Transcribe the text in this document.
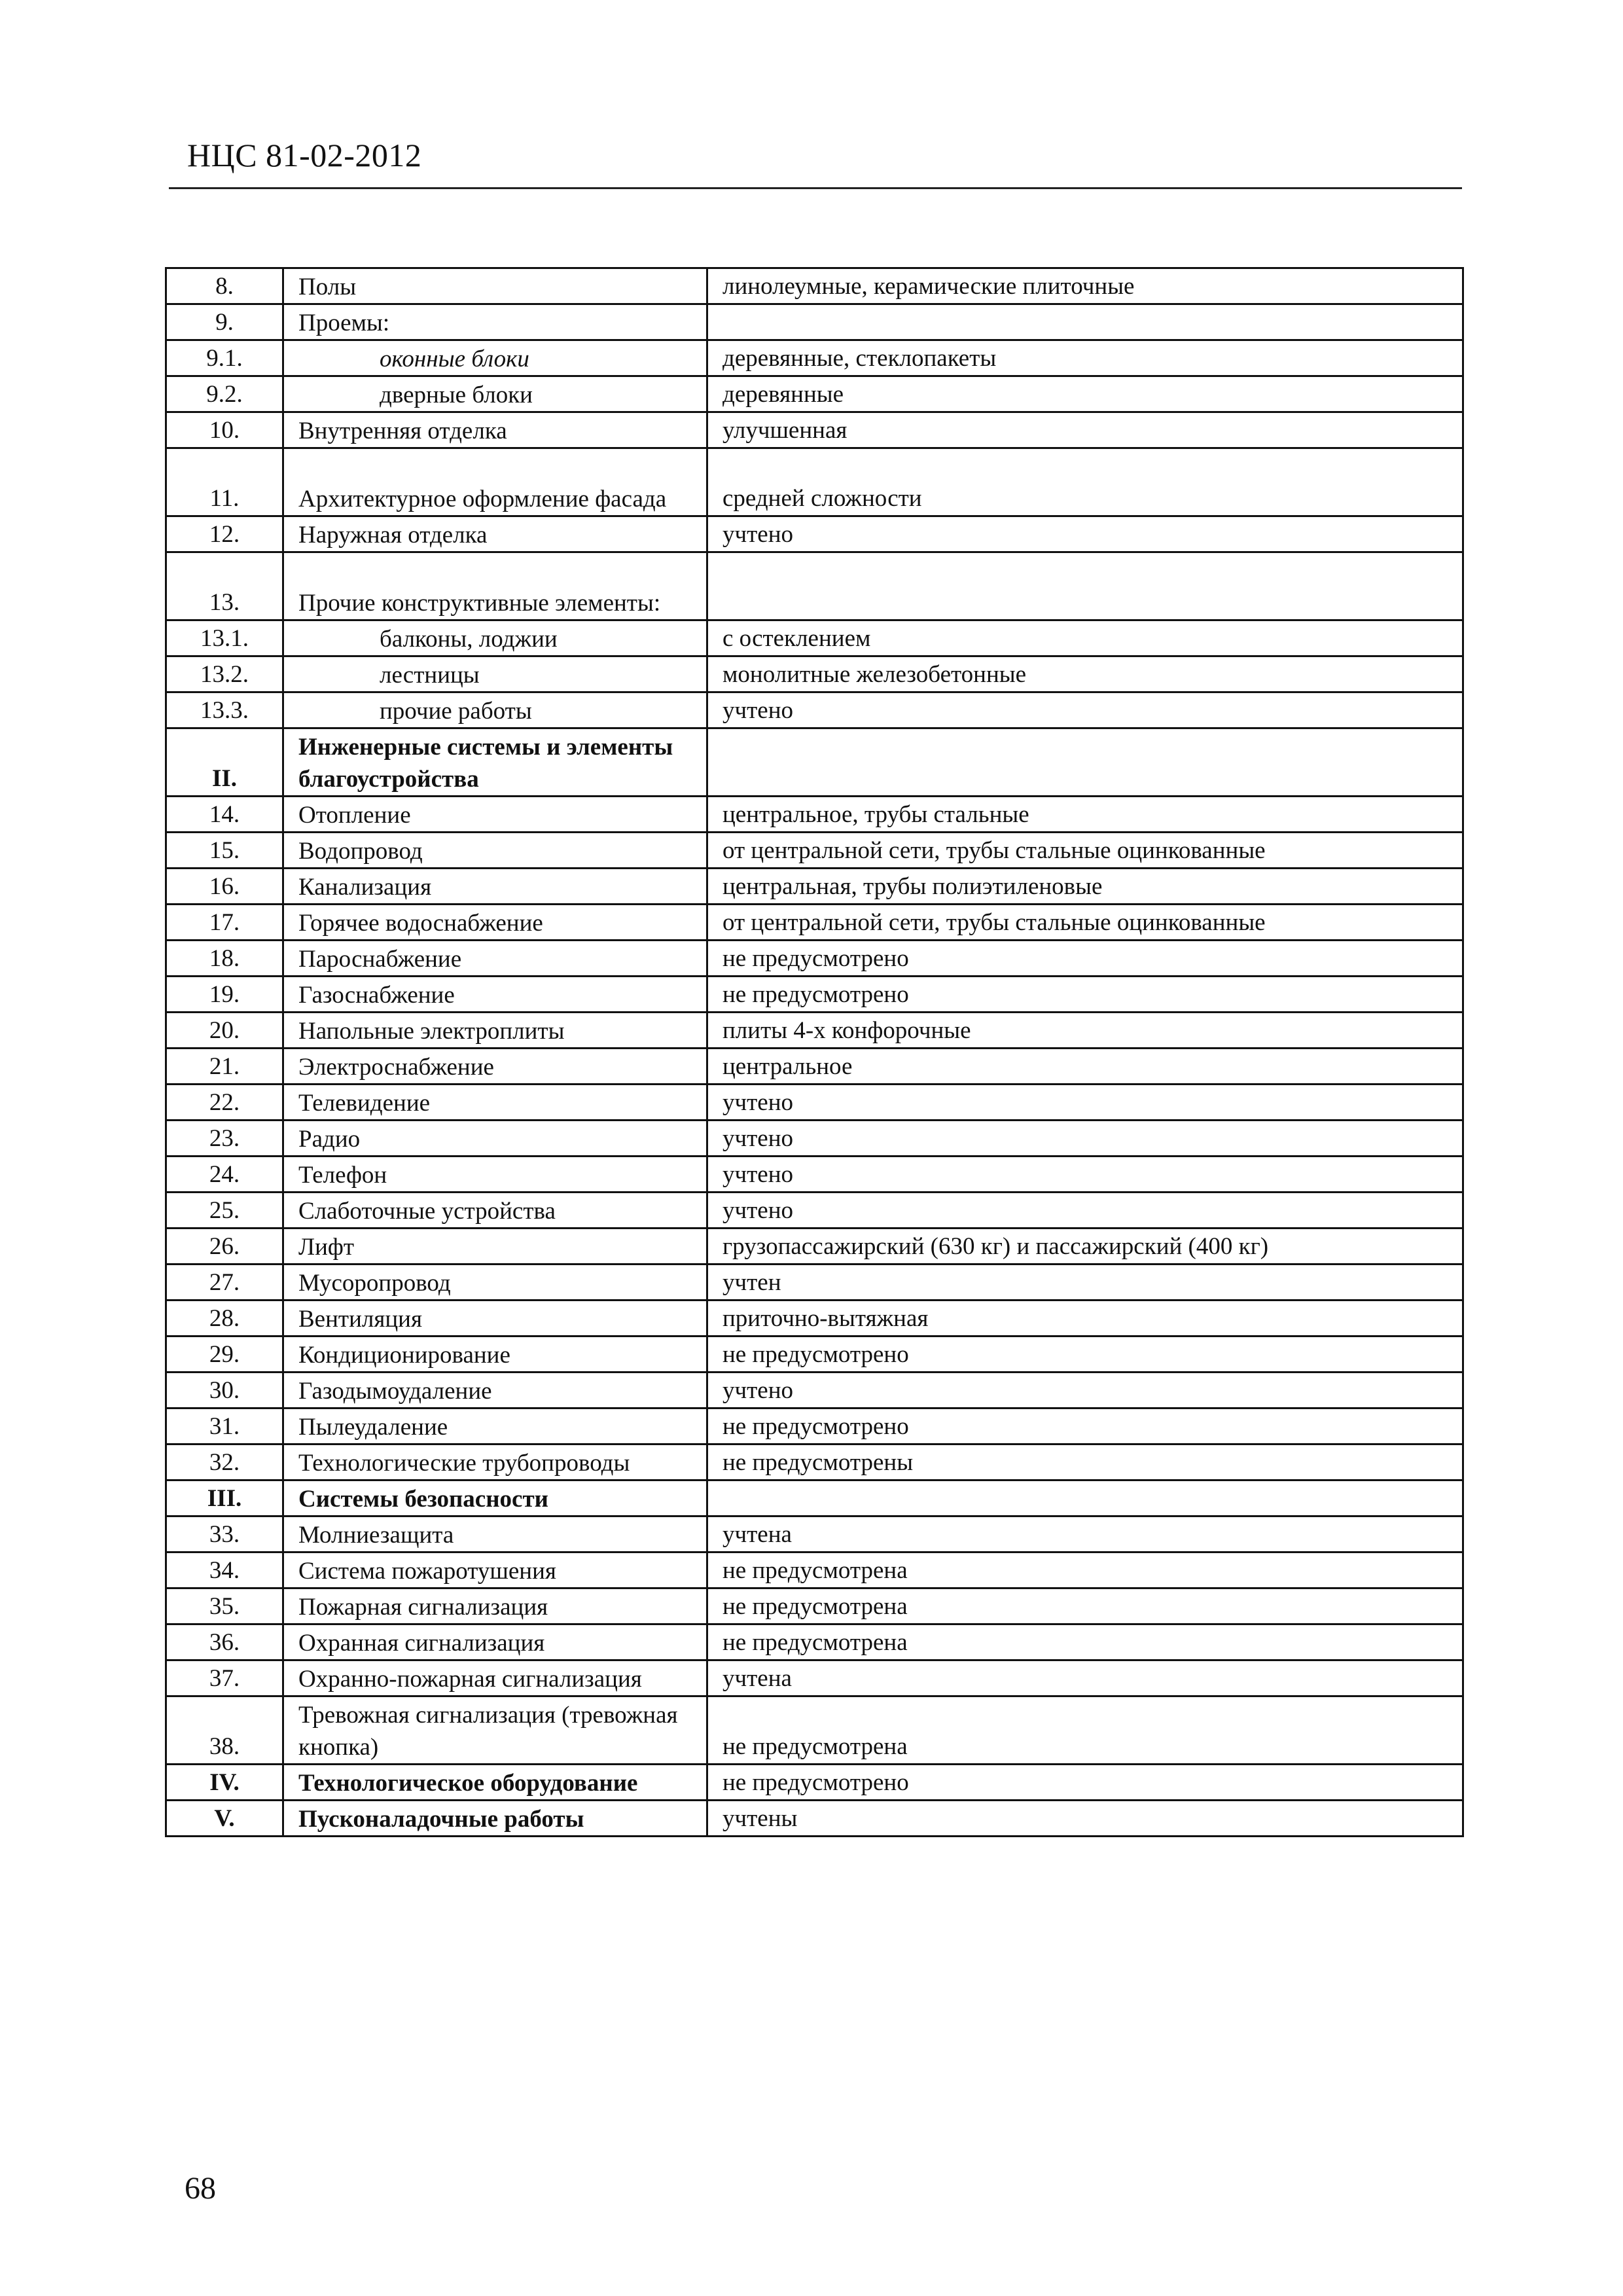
НЦС 81-02-2012
8.	Полы	линолеумные, керамические плиточные
9.	Проемы:	

9.1.	оконные блоки	деревянные, стеклопакеты
9.2.	дверные блоки	деревянные
10.	Внутренняя отделка	улучшенная
11.	Архитектурное оформление фасада	средней сложности
12.	Наружная отделка	учтено
13.	Прочие конструктивные элементы:	

13.1.	балконы, лоджии	с остеклением
13.2.	лестницы	монолитные железобетонные
13.3.	прочие работы	учтено
II.	Инженерные системы и элементы благоустройства	

14.	Отопление	центральное, трубы стальные
15.	Водопровод	от центральной сети, трубы стальные оцинкованные
16.	Канализация	центральная, трубы полиэтиленовые
17.	Горячее водоснабжение	от центральной сети, трубы стальные оцинкованные
18.	Пароснабжение	не предусмотрено
19.	Газоснабжение	не предусмотрено
20.	Напольные электроплиты	плиты 4-х конфорочные
21.	Электроснабжение	центральное
22.	Телевидение	учтено
23.	Радио	учтено
24.	Телефон	учтено
25.	Слаботочные устройства	учтено
26.	Лифт	грузопассажирский (630 кг) и пассажирский (400 кг)
27.	Мусоропровод	учтен
28.	Вентиляция	приточно-вытяжная
29.	Кондиционирование	не предусмотрено
30.	Газодымоудаление	учтено
31.	Пылеудаление	не предусмотрено
32.	Технологические трубопроводы	не предусмотрены
III.	Системы безопасности	

33.	Молниезащита	учтена
34.	Система пожаротушения	не предусмотрена
35.	Пожарная сигнализация	не предусмотрена
36.	Охранная сигнализация	не предусмотрена
37.	Охранно-пожарная сигнализация	учтена
38.	Тревожная сигнализация (тревожная кнопка)	не предусмотрена
IV.	Технологическое оборудование	не предусмотрено
V.	Пусконаладочные работы	учтены
68
